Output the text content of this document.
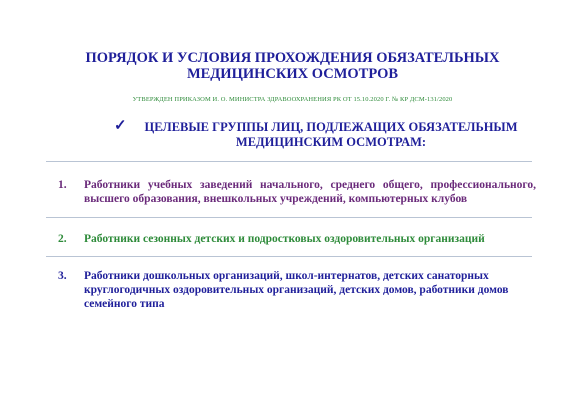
ПОРЯДОК И УСЛОВИЯ ПРОХОЖДЕНИЯ ОБЯЗАТЕЛЬНЫХ
МЕДИЦИНСКИХ ОСМОТРОВ
УТВЕРЖДЕН ПРИКАЗОМ И. О. МИНИСТРА ЗДРАВООХРАНЕНИЯ РК ОТ 15.10.2020 Г. № КР ДСМ-131/2020
✓	ЦЕЛЕВЫЕ ГРУППЫ ЛИЦ, ПОДЛЕЖАЩИХ ОБЯЗАТЕЛЬНЫМ
МЕДИЦИНСКИМ ОСМОТРАМ:
1. Работники учебных заведений начального, среднего общего, профессионального, высшего образования, внешкольных учреждений, компьютерных клубов
2. Работники сезонных детских и подростковых оздоровительных организаций
3. Работники дошкольных организаций, школ-интернатов, детских санаторных круглогодичных оздоровительных организаций, детских домов, работники домов семейного типа
